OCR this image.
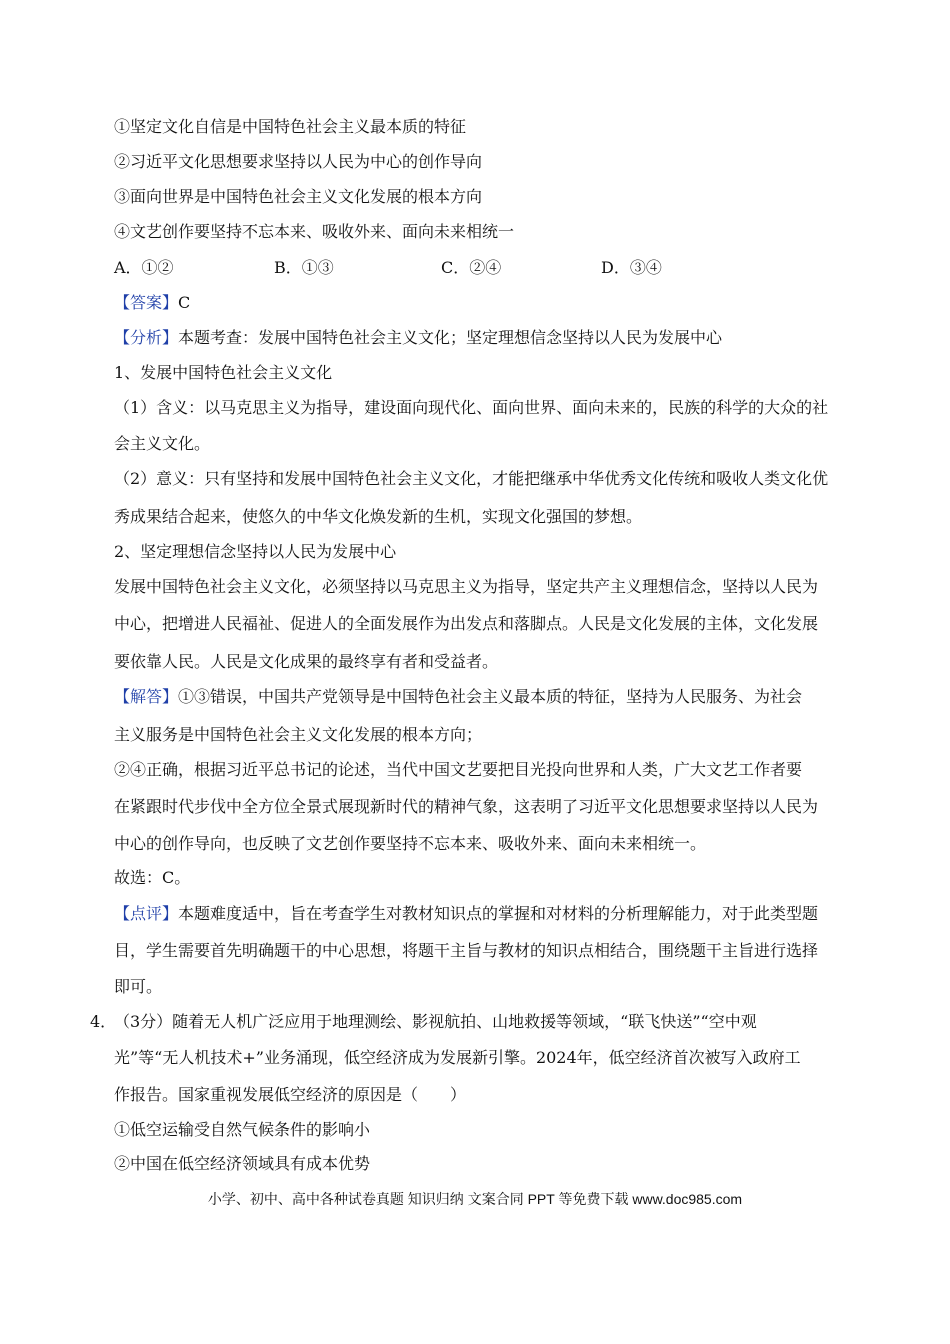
①坚定文化自信是中国特色社会主义最本质的特征
②习近平文化思想要求坚持以人民为中心的创作导向
③面向世界是中国特色社会主义文化发展的根本方向
④文艺创作要坚持不忘本来、吸收外来、面向未来相统一
A．①②	B．①③	C．②④	D．③④
【答案】C
【分析】本题考查：发展中国特色社会主义文化；坚定理想信念坚持以人民为发展中心
1、发展中国特色社会主义文化
（1）含义：以马克思主义为指导，建设面向现代化、面向世界、面向未来的，民族的科学的大众的社
会主义文化。
（2）意义：只有坚持和发展中国特色社会主义文化，才能把继承中华优秀文化传统和吸收人类文化优
秀成果结合起来，使悠久的中华文化焕发新的生机，实现文化强国的梦想。
2、坚定理想信念坚持以人民为发展中心
发展中国特色社会主义文化，必须坚持以马克思主义为指导，坚定共产主义理想信念，坚持以人民为
中心，把增进人民福祉、促进人的全面发展作为出发点和落脚点。人民是文化发展的主体，文化发展
要依靠人民。人民是文化成果的最终享有者和受益者。
【解答】①③错误，中国共产党领导是中国特色社会主义最本质的特征，坚持为人民服务、为社会
主义服务是中国特色社会主义文化发展的根本方向；
②④正确，根据习近平总书记的论述，当代中国文艺要把目光投向世界和人类，广大文艺工作者要
在紧跟时代步伐中全方位全景式展现新时代的精神气象，这表明了习近平文化思想要求坚持以人民为
中心的创作导向，也反映了文艺创作要坚持不忘本来、吸收外来、面向未来相统一。
故选：C。
【点评】本题难度适中，旨在考查学生对教材知识点的掌握和对材料的分析理解能力，对于此类型题
目，学生需要首先明确题干的中心思想，将题干主旨与教材的知识点相结合，围绕题干主旨进行选择
即可。
4．
（3分）随着无人机广泛应用于地理测绘、影视航拍、山地救援等领域，“联飞快送”“空中观
光”等“无人机技术+”业务涌现，低空经济成为发展新引擎。2024年，低空经济首次被写入政府工
作报告。国家重视发展低空经济的原因是（　　）
①低空运输受自然气候条件的影响小
②中国在低空经济领域具有成本优势
小学、初中、高中各种试卷真题 知识归纳 文案合同 PPT 等免费下载 www.doc985.com
